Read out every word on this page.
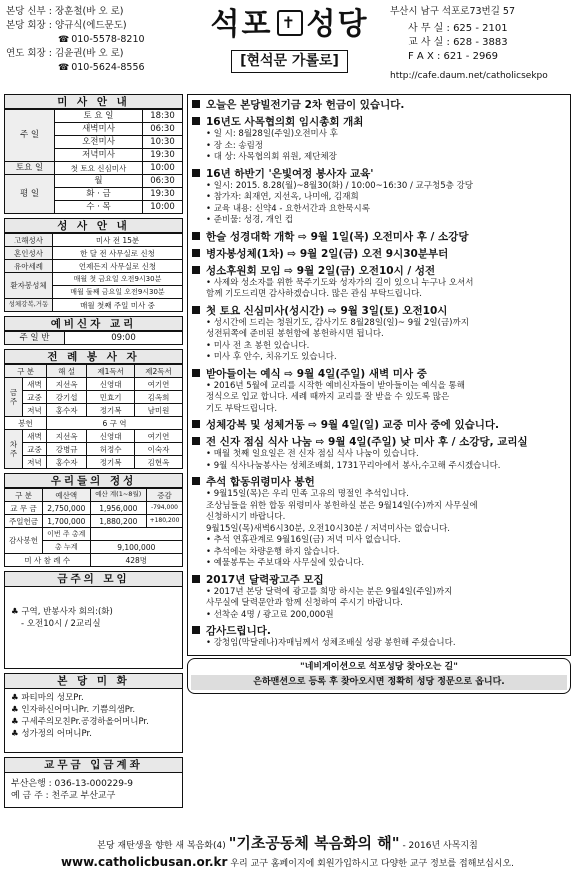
본당 신부 : 장훈철(바 오 로)
본당 회장 : 양규식(에드문도)
☎ 010-5578-8210
연도 회장 : 김윤권(바 오 로)
☎ 010-5624-8556
석포 ✝ 성당
[현석문 가롤로]
부산시 남구 석포로73번길 57
사 무 실 : 625 - 2101
교 사 실 : 628 - 3883
F A X : 621 - 2969
http://cafe.daum.net/catholicsekpo
미 사 안 내
주 일	토 요 일	18:30
	새벽미사	06:30
	오전미사	10:30
	저녁미사	19:30
토요 일	첫 토요 신심미사	10:00
평 일	월	06:30
	화 · 금	19:30
	수 · 목	10:00
성 사 안 내
고해성사	미사 전 15분
혼인성사	한 달 전 사무실로 신청
유아세례	언제든지 사무실로 신청
환자봉성체	매월 첫 금요일 오전9시30분
	매월 둘째 금요일 오전9시30분
성체강복,거동	매월 첫째 주일 미사 중
예비신자 교리
주 일 반	09:00
전 례 봉 사 자
구 분		해 설	제1독서	제2독서
금 주	새벽	지선옥	신영대	여기연
	교중	강기섭	민효기	김옥희
	저녁	홍수자	정기복	남미원
봉헌		6 구 역		
차 주	새벽	지선옥	신영대	여기연
	교중	강병규	허정수	이숙자
	저녁	홍수자	정기복	김현옥
우리들의 정성
구 분	예산액	예산 계(1~8월)	증감
교 무 금	2,750,000	1,956,000	-794,000
주일헌금	1,700,000	1,880,200	+180,200
감사봉헌	이번 주 총계		
	총 누계	9,100,000	
미 사 참 례 수		428명	
금주의 모임
♣ 구역, 반봉사자 회의:(화)
- 오전10시 / 2교리실
본 당 미 화
♣ 파티마의 성모Pr.
♣ 인자하신어머니Pr. 기쁨의샘Pr.
♣ 구세주의모친Pr.공경하올어머니Pr.
♣ 성가정의 어머니Pr.
교무금 입금계좌
부산은행 : 036-13-000229-9
예 금 주 : 천주교 부산교구
오늘은 본당빌전기금 2차 헌금이 있습니다.
16년도 사목협의회 임시총회 개최
• 일 시: 8월28일(주일)오전미사 후
• 장 소: 송림정
• 대 상: 사목협의회 위원, 제단체장
16년 하반기 '은빛여정 봉사자 교육'
• 일시: 2015. 8.28(월)~8월30(화) / 10:00~16:30 / 교구청5층 강당
• 참가자: 최재연, 지선옥, 나미애, 김재희
• 교육 내용: 신약4 - 요한서간과 요한묵시록
• 준비물: 성경, 개인 컵
한슬 성경대학 개학 ⇨ 9월 1일(목) 오전미사 후 / 소강당
병자봉성체(1차) ⇨ 9월 2일(금) 오전 9시30분부터
성소후원회 모임 ⇨ 9월 2일(금) 오전10시 / 성전
• 사제와 성소자를 위한 묵주기도와 성자가의 길이 있으니 누구나 오셔서
함께 기도드리면 감사하겠습니다. 많은 관심 부탁드립니다.
첫 토요 신심미사(성시간) ⇨ 9월 3일(토) 오전10시
• 성시간에 드리는 청원기도, 감사기도 8월28일(일)~ 9월 2일(금)까지
성전뒤쪽에 준비된 봉헌함에 봉헌하시면 됩니다.
• 미사 전 초 봉헌 있습니다.
• 미사 후 안수, 치유기도 있습니다.
받아들이는 예식 ⇨ 9월 4일(주일) 새벽 미사 중
• 2016년 5월에 교리를 시작한 예비신자들이 받아들이는 예식을 통해
정식으로 입교 합니다. 세례 때까지 교리를 잘 받을 수 있도록 많은
기도 부탁드립니다.
성체강복 및 성체거동 ⇨ 9월 4일(일) 교중 미사 중에 있습니다.
전 신자 점심 식사 나눔 ⇨ 9월 4일(주일) 낮 미사 후 / 소강당, 교리실
• 매월 첫째 일요일은 전 신자 점심 식사 나눔이 있습니다.
• 9월 식사나눔봉사는 성체조배회, 1731꾸리아에서 봉사,수고해 주시겠습니다.
추석 합동위령미사 봉헌
• 9월15일(목)은 우리 민족 고유의 명절인 추석입니다.
조상님들을 위한 합동 위령미사 봉헌하실 분은 9월14일(수)까지 사무실에
신청하시기 바랍니다.
9월15일(목)새벽6시30분, 오전10시30분 / 저녁미사는 없습니다.
• 추석 연휴관계로 9월16일(금) 저녁 미사 없습니다.
• 추석에는 차량운행 하지 않습니다.
• 예물봉투는 주보대와 사무실에 있습니다.
2017년 달력광고주 모집
• 2017년 본당 달력에 광고를 희망 하시는 분은 9월4일(주일)까지
사무실에 달력문안과 함께 신청하여 주시기 바랍니다.
• 선착순 4명 / 광고료 200,000원
감사드립니다.
• 강청임(막달레나)자매님께서 성체조배실 성광 봉헌해 주셨습니다.
"네비게이션으로 석포성당 찾아오는 길"
은하맨션으로 등록 후 찾아오시면 정확히 성당 정문으로 옵니다.
본당 재탄생을 향한 새 복음화(4) "기초공동체 복음화의 해" - 2016년 사목지침
www.catholicbusan.or.kr 우리 교구 홈페이지에 회원가입하시고 다양한 교구 정보를 접해보십시오.
